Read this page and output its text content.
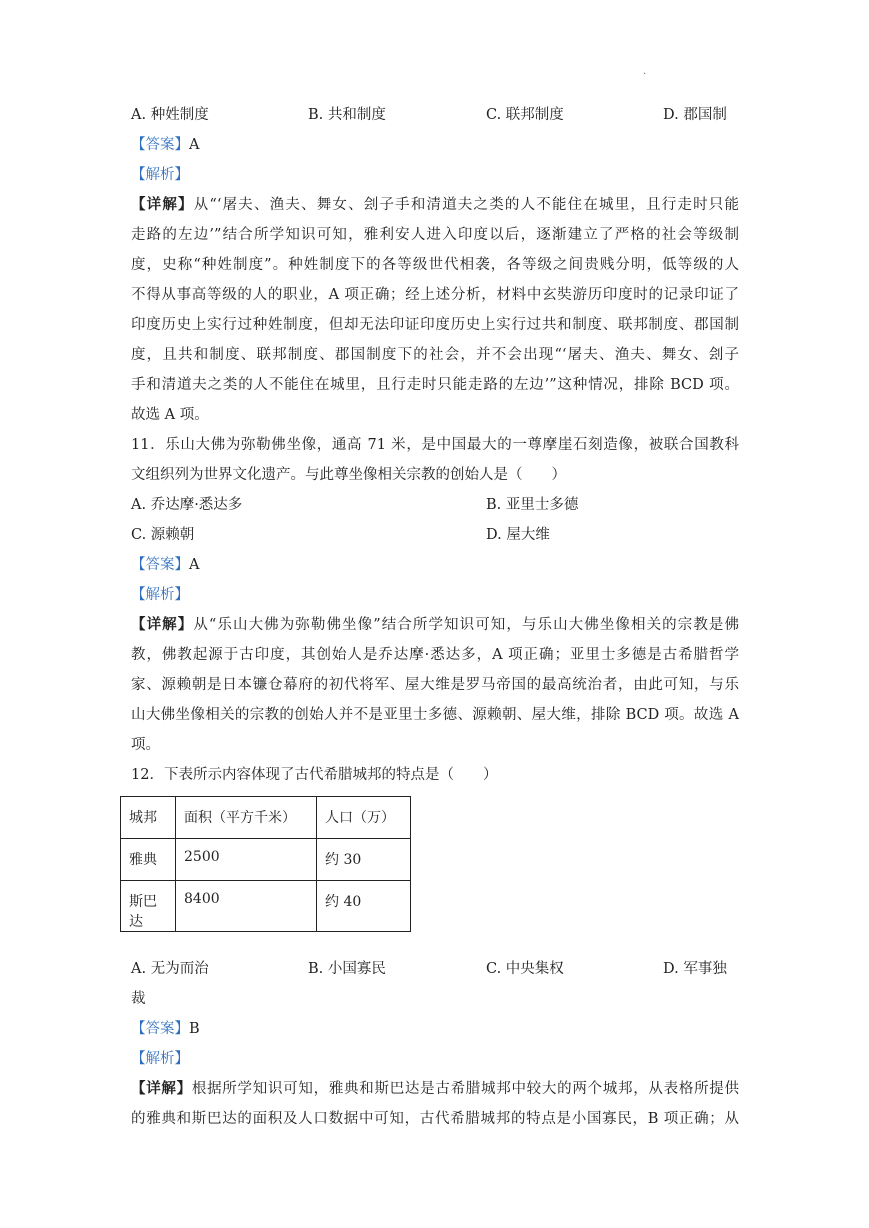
.
A. 种姓制度	B. 共和制度	C. 联邦制度	D. 郡国制
【答案】A
【解析】
【详解】从“‘屠夫、渔夫、舞女、刽子手和清道夫之类的人不能住在城里，且行走时只能
走路的左边’”结合所学知识可知，雅利安人进入印度以后，逐渐建立了严格的社会等级制
度，史称“种姓制度”。种姓制度下的各等级世代相袭，各等级之间贵贱分明，低等级的人
不得从事高等级的人的职业，A 项正确；经上述分析，材料中玄奘游历印度时的记录印证了
印度历史上实行过种姓制度，但却无法印证印度历史上实行过共和制度、联邦制度、郡国制
度，且共和制度、联邦制度、郡国制度下的社会，并不会出现“‘屠夫、渔夫、舞女、刽子
手和清道夫之类的人不能住在城里，且行走时只能走路的左边’”这种情况，排除 BCD 项。
故选 A 项。
11．乐山大佛为弥勒佛坐像，通高 71 米，是中国最大的一尊摩崖石刻造像，被联合国教科
文组织列为世界文化遗产。与此尊坐像相关宗教的创始人是（　　）
A. 乔达摩·悉达多	B. 亚里士多德
C. 源赖朝	D. 屋大维
【答案】A
【解析】
【详解】从“乐山大佛为弥勒佛坐像”结合所学知识可知，与乐山大佛坐像相关的宗教是佛
教，佛教起源于古印度，其创始人是乔达摩·悉达多，A 项正确；亚里士多德是古希腊哲学
家、源赖朝是日本镰仓幕府的初代将军、屋大维是罗马帝国的最高统治者，由此可知，与乐
山大佛坐像相关的宗教的创始人并不是亚里士多德、源赖朝、屋大维，排除 BCD 项。故选 A
项。
12．下表所示内容体现了古代希腊城邦的特点是（　　）
城邦	面积（平方千米）	人口（万）
雅典	2500	约 30
斯巴达	8400	约 40
A. 无为而治	B. 小国寡民	C. 中央集权	D. 军事独
裁
【答案】B
【解析】
【详解】根据所学知识可知，雅典和斯巴达是古希腊城邦中较大的两个城邦，从表格所提供
的雅典和斯巴达的面积及人口数据中可知，古代希腊城邦的特点是小国寡民，B 项正确；从
